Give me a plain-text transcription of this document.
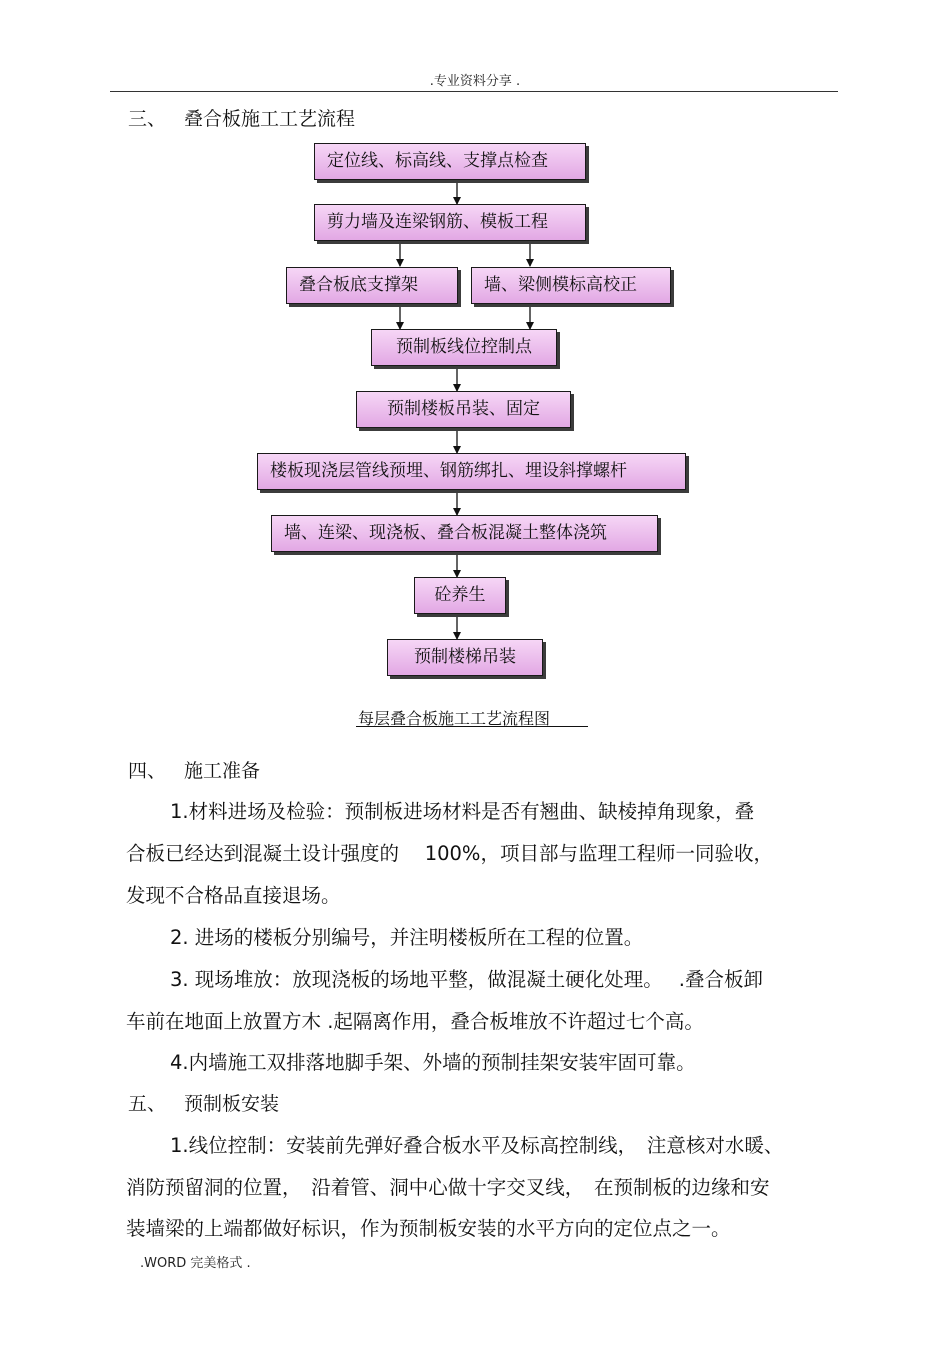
.专业资料分享 .
三、 叠合板施工工艺流程
定位线、标高线、支撑点检查
剪力墙及连梁钢筋、模板工程
叠合板底支撑架	墙、梁侧模标高校正
预制板线位控制点
预制楼板吊装、固定
楼板现浇层管线预埋、钢筋绑扎、埋设斜撑螺杆
墙、连梁、现浇板、叠合板混凝土整体浇筑
砼养生
预制楼梯吊装
每层叠合板施工工艺流程图
四、 施工准备
1.材料进场及检验：预制板进场材料是否有翘曲、缺棱掉角现象，叠
合板已经达到混凝土设计强度的　 100%，项目部与监理工程师一同验收，
发现不合格品直接退场。
2. 进场的楼板分别编号，并注明楼板所在工程的位置。
3. 现场堆放：放现浇板的场地平整，做混凝土硬化处理。　 .叠合板卸
车前在地面上放置方木 .起隔离作用，叠合板堆放不许超过七个高。
4.内墙施工双排落地脚手架、外墙的预制挂架安装牢固可靠。
五、 预制板安装
1.线位控制：安装前先弹好叠合板水平及标高控制线，　注意核对水暖、
消防预留洞的位置，　沿着管、洞中心做十字交叉线，　在预制板的边缘和安
装墙梁的上端都做好标识，作为预制板安装的水平方向的定位点之一。
.WORD 完美格式 .
